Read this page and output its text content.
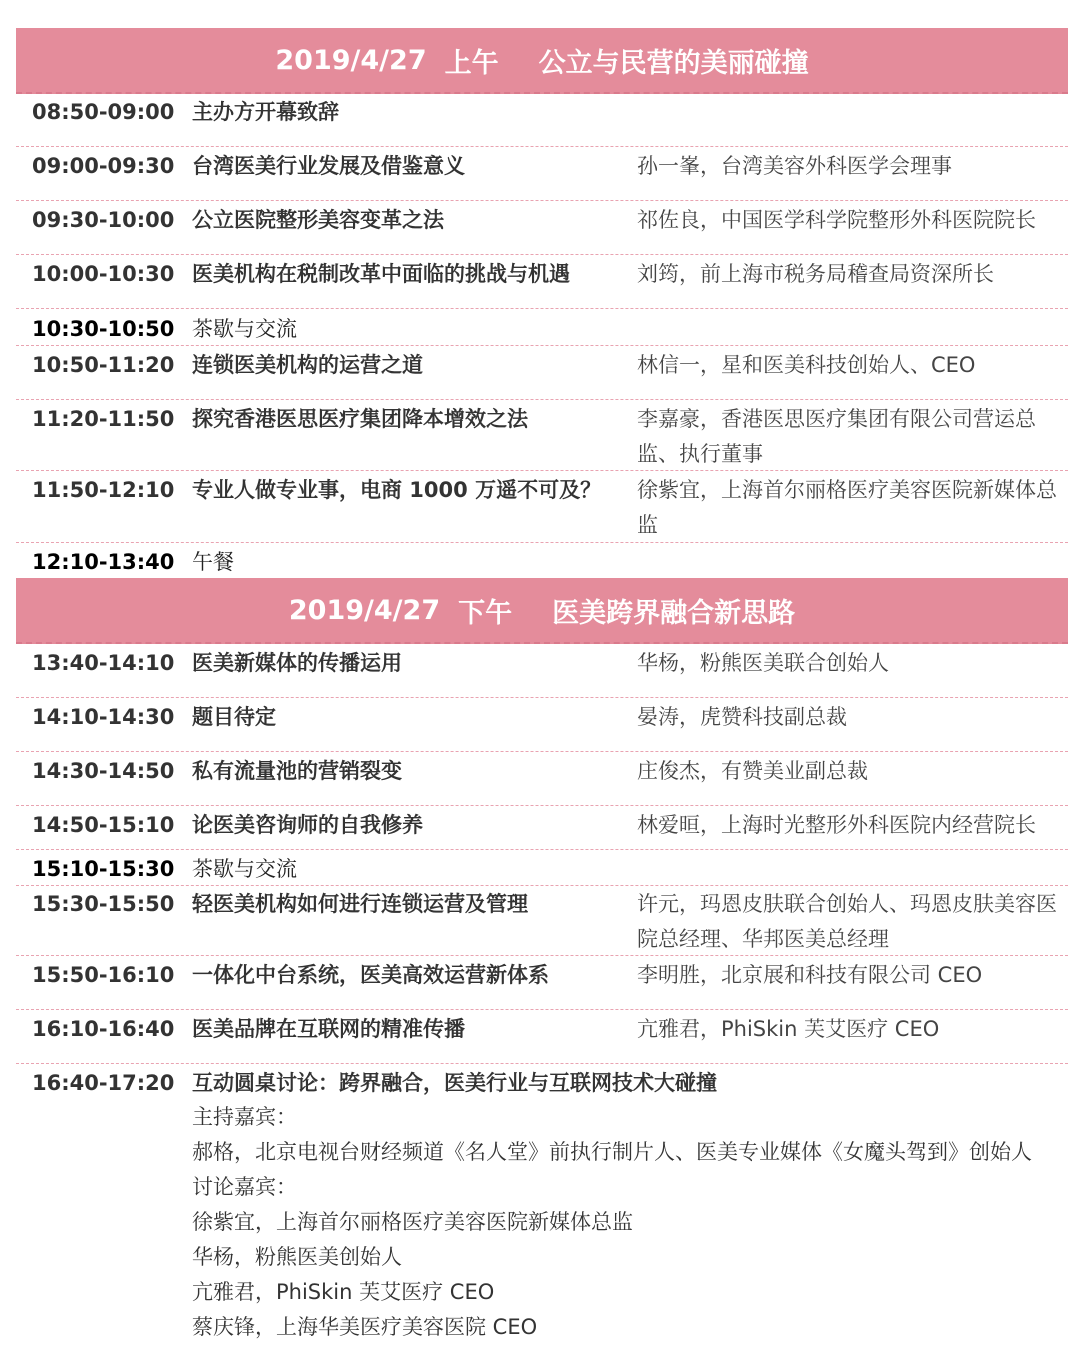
2019/4/27 上午 公立与民营的美丽碰撞
08:50-09:00 主办方开幕致辞
09:00-09:30 台湾医美行业发展及借鉴意义	孙一峯，台湾美容外科医学会理事
09:30-10:00 公立医院整形美容变革之法	祁佐良，中国医学科学院整形外科医院院长
10:00-10:30 医美机构在税制改革中面临的挑战与机遇	刘筠，前上海市税务局稽查局资深所长
10:30-10:50 茶歇与交流
10:50-11:20 连锁医美机构的运营之道	林信一，星和医美科技创始人、CEO
11:20-11:50 探究香港医思医疗集团降本增效之法	李嘉豪，香港医思医疗集团有限公司营运总监、执行董事
11:50-12:10 专业人做专业事，电商 1000 万遥不可及？	徐紫宜，上海首尔丽格医疗美容医院新媒体总监
12:10-13:40 午餐
2019/4/27 下午 医美跨界融合新思路
13:40-14:10 医美新媒体的传播运用	华杨，粉熊医美联合创始人
14:10-14:30 题目待定	晏涛，虎赞科技副总裁
14:30-14:50 私有流量池的营销裂变	庄俊杰，有赞美业副总裁
14:50-15:10 论医美咨询师的自我修养	林爱晅，上海时光整形外科医院内经营院长
15:10-15:30 茶歇与交流
15:30-15:50 轻医美机构如何进行连锁运营及管理	许元，玛恩皮肤联合创始人、玛恩皮肤美容医院总经理、华邦医美总经理
15:50-16:10 一体化中台系统，医美高效运营新体系	李明胜，北京展和科技有限公司 CEO
16:10-16:40 医美品牌在互联网的精准传播	亢雅君，PhiSkin 芙艾医疗 CEO
16:40-17:20 互动圆桌讨论：跨界融合，医美行业与互联网技术大碰撞
主持嘉宾：
郝格，北京电视台财经频道《名人堂》前执行制片人、医美专业媒体《女魔头驾到》创始人
讨论嘉宾：
徐紫宜，上海首尔丽格医疗美容医院新媒体总监
华杨，粉熊医美创始人
亢雅君，PhiSkin 芙艾医疗 CEO
蔡庆锋，上海华美医疗美容医院 CEO
